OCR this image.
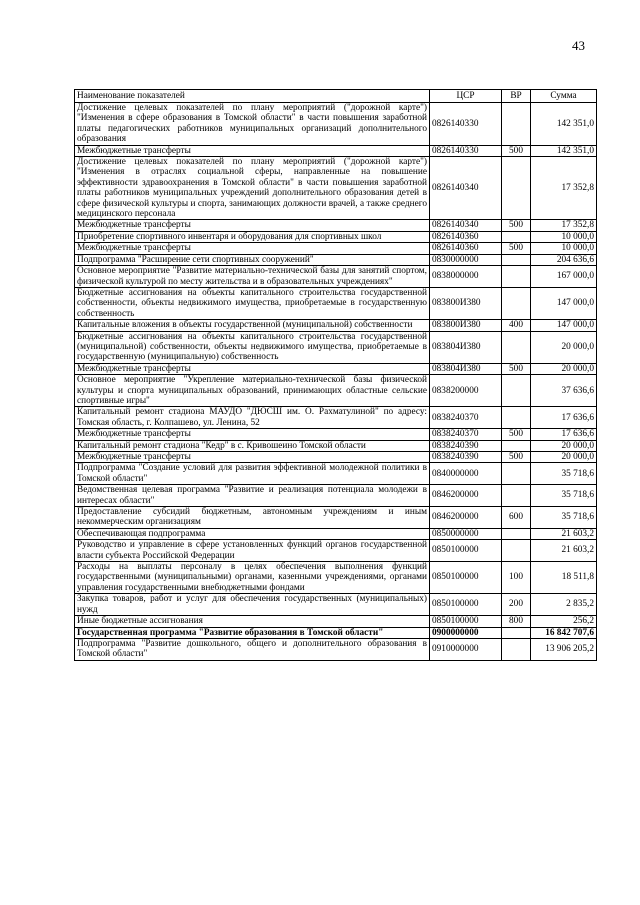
43
Наименование показателей	ЦСР	ВР	Сумма
Достижение целевых показателей по плану мероприятий ("дорожной карте") "Изменения в сфере образования в Томской области" в части повышения заработной платы педагогических работников муниципальных организаций дополнительного образования	0826140330		142 351,0
Межбюджетные трансферты	0826140330	500	142 351,0
Достижение целевых показателей по плану мероприятий ("дорожной карте") "Изменения в отраслях социальной сферы, направленные на повышение эффективности здравоохранения в Томской области" в части повышения заработной платы работников муниципальных учреждений дополнительного образования детей в сфере физической культуры и спорта, занимающих должности врачей, а также среднего медицинского персонала	0826140340		17 352,8
Межбюджетные трансферты	0826140340	500	17 352,8
Приобретение спортивного инвентаря и оборудования для спортивных школ	0826140360		10 000,0
Межбюджетные трансферты	0826140360	500	10 000,0
Подпрограмма "Расширение сети спортивных сооружений"	0830000000		204 636,6
Основное мероприятие "Развитие материально-технической базы для занятий спортом, физической культурой по месту жительства и в образовательных учреждениях"	0838000000		167 000,0
Бюджетные ассигнования на объекты капитального строительства государственной собственности, объекты недвижимого имущества, приобретаемые в государственную собственность	083800И380		147 000,0
Капитальные вложения в объекты государственной (муниципальной) собственности	083800И380	400	147 000,0
Бюджетные ассигнования на объекты капитального строительства государственной (муниципальной) собственности, объекты недвижимого имущества, приобретаемые в государственную (муниципальную) собственность	083804И380		20 000,0
Межбюджетные трансферты	083804И380	500	20 000,0
Основное мероприятие "Укрепление материально-технической базы физической культуры и спорта муниципальных образований, принимающих областные сельские спортивные игры"	0838200000		37 636,6
Капитальный ремонт стадиона МАУДО "ДЮСШ им. О. Рахматулиной" по адресу: Томская область, г. Колпашево, ул. Ленина, 52	0838240370		17 636,6
Межбюджетные трансферты	0838240370	500	17 636,6
Капитальный ремонт стадиона "Кедр" в с. Кривошеино Томской области	0838240390		20 000,0
Межбюджетные трансферты	0838240390	500	20 000,0
Подпрограмма "Создание условий для развития эффективной молодежной политики в Томской области"	0840000000		35 718,6
Ведомственная целевая программа "Развитие и реализация потенциала молодежи в интересах области"	0846200000		35 718,6
Предоставление субсидий бюджетным, автономным учреждениям и иным некоммерческим организациям	0846200000	600	35 718,6
Обеспечивающая подпрограмма	0850000000		21 603,2
Руководство и управление в сфере установленных функций органов государственной власти субъекта Российской Федерации	0850100000		21 603,2
Расходы на выплаты персоналу в целях обеспечения выполнения функций государственными (муниципальными) органами, казенными учреждениями, органами управления государственными внебюджетными фондами	0850100000	100	18 511,8
Закупка товаров, работ и услуг для обеспечения государственных (муниципальных) нужд	0850100000	200	2 835,2
Иные бюджетные ассигнования	0850100000	800	256,2
Государственная программа "Развитие образования в Томской области"	0900000000		16 842 707,6
Подпрограмма "Развитие дошкольного, общего и дополнительного образования в Томской области"	0910000000		13 906 205,2
